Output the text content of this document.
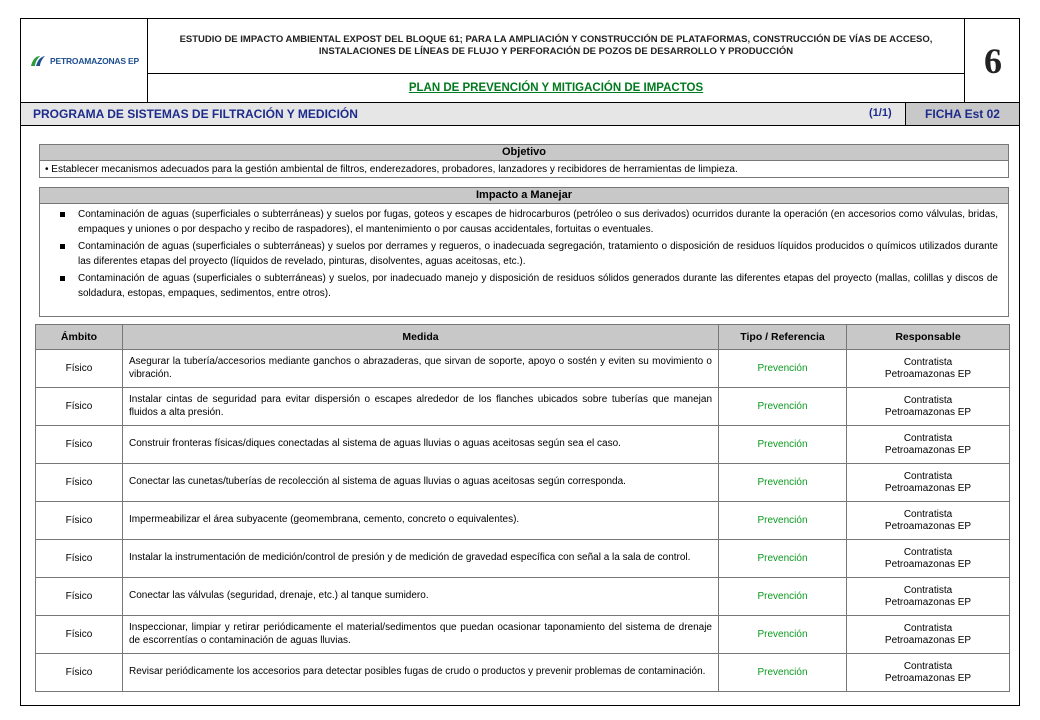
PETROAMAZONAS EP
ESTUDIO DE IMPACTO AMBIENTAL EXPOST DEL BLOQUE 61; PARA LA AMPLIACIÓN Y CONSTRUCCIÓN DE PLATAFORMAS, CONSTRUCCIÓN DE VÍAS DE ACCESO, INSTALACIONES DE LÍNEAS DE FLUJO Y PERFORACIÓN DE POZOS DE DESARROLLO Y PRODUCCIÓN
PLAN DE PREVENCIÓN Y MITIGACIÓN DE IMPACTOS
6
PROGRAMA DE SISTEMAS DE FILTRACIÓN Y MEDICIÓN	(1/1)	FICHA Est 02
Objetivo
• Establecer mecanismos adecuados para la gestión ambiental de filtros, enderezadores, probadores, lanzadores y recibidores de herramientas de limpieza.
Impacto a Manejar
Contaminación de aguas (superficiales o subterráneas) y suelos por fugas, goteos y escapes de hidrocarburos (petróleo o sus derivados) ocurridos durante la operación (en accesorios como válvulas, bridas, empaques y uniones o por despacho y recibo de raspadores), el mantenimiento o por causas accidentales, fortuitas o eventuales.
Contaminación de aguas (superficiales o subterráneas) y suelos por derrames y regueros, o inadecuada segregación, tratamiento o disposición de residuos líquidos producidos o químicos utilizados durante las diferentes etapas del proyecto (líquidos de revelado, pinturas, disolventes, aguas aceitosas, etc.).
Contaminación de aguas (superficiales o subterráneas) y suelos, por inadecuado manejo y disposición de residuos sólidos generados durante las diferentes etapas del proyecto (mallas, colillas y discos de soldadura, estopas, empaques, sedimentos, entre otros).
Ámbito	Medida	Tipo / Referencia	Responsable
Físico	Asegurar la tubería/accesorios mediante ganchos o abrazaderas, que sirvan de soporte, apoyo o sostén y eviten su movimiento o vibración.	Prevención	Contratista
Petroamazonas EP

Físico	Instalar cintas de seguridad para evitar dispersión o escapes alrededor de los flanches ubicados sobre tuberías que manejan fluidos a alta presión.	Prevención	Contratista
Petroamazonas EP

Físico	Construir fronteras físicas/diques conectadas al sistema de aguas lluvias o aguas aceitosas según sea el caso.	Prevención	Contratista
Petroamazonas EP

Físico	Conectar las cunetas/tuberías de recolección al sistema de aguas lluvias o aguas aceitosas según corresponda.	Prevención	Contratista
Petroamazonas EP

Físico	Impermeabilizar el área subyacente (geomembrana, cemento, concreto o equivalentes).	Prevención	Contratista
Petroamazonas EP

Físico	Instalar la instrumentación de medición/control de presión y de medición de gravedad específica con señal a la sala de control.	Prevención	Contratista
Petroamazonas EP

Físico	Conectar las válvulas (seguridad, drenaje, etc.) al tanque sumidero.	Prevención	Contratista
Petroamazonas EP

Físico	Inspeccionar, limpiar y retirar periódicamente el material/sedimentos que puedan ocasionar taponamiento del sistema de drenaje de escorrentías o contaminación de aguas lluvias.	Prevención	Contratista
Petroamazonas EP

Físico	Revisar periódicamente los accesorios para detectar posibles fugas de crudo o productos y prevenir problemas de contaminación.	Prevención	Contratista
Petroamazonas EP
